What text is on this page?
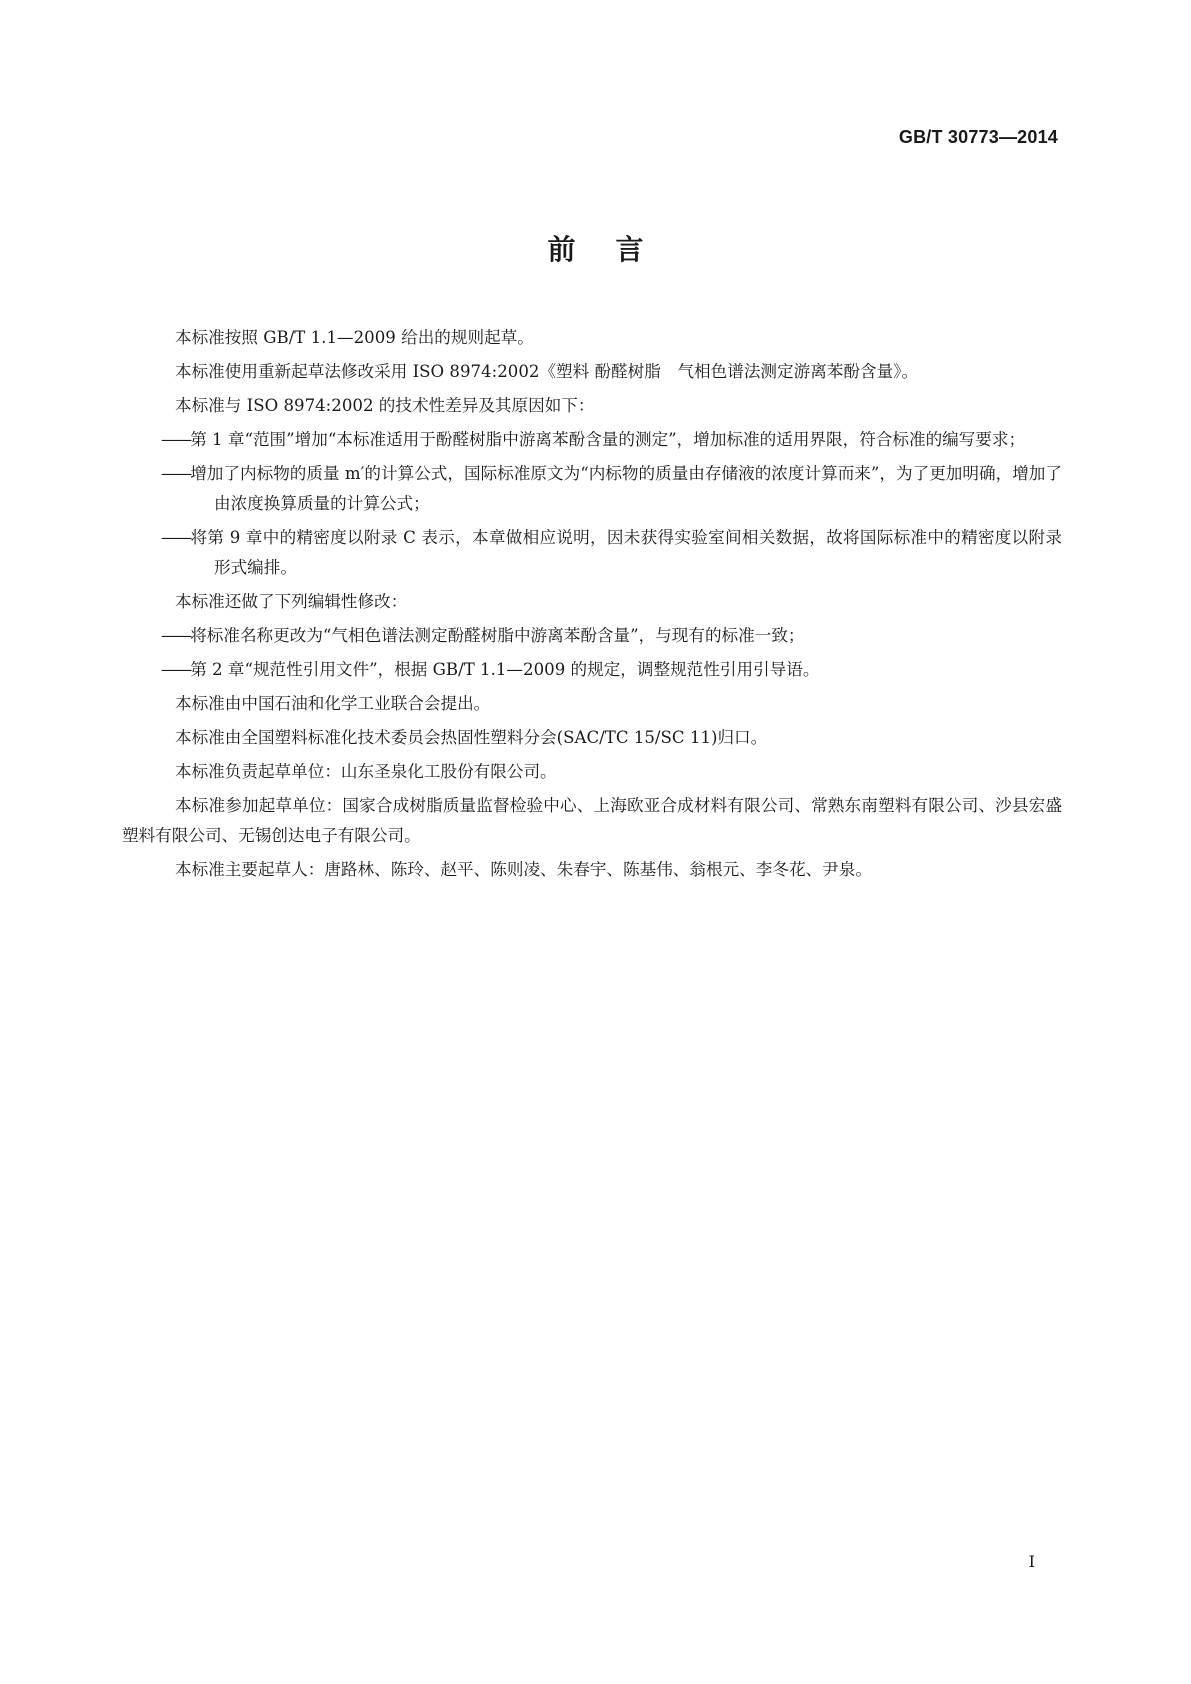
GB/T 30773—2014
前言

本标准按照 GB/T 1.1—2009 给出的规则起草。

本标准使用重新起草法修改采用 ISO 8974:2002《塑料 酚醛树脂　气相色谱法测定游离苯酚含量》。

本标准与 ISO 8974:2002 的技术性差异及其原因如下：

——第 1 章“范围”增加“本标准适用于酚醛树脂中游离苯酚含量的测定”，增加标准的适用界限，符合标准的编写要求；

——增加了内标物的质量 m′的计算公式，国际标准原文为“内标物的质量由存储液的浓度计算而来”，为了更加明确，增加了由浓度换算质量的计算公式；

——将第 9 章中的精密度以附录 C 表示，本章做相应说明，因未获得实验室间相关数据，故将国际标准中的精密度以附录形式编排。

本标准还做了下列编辑性修改：

——将标准名称更改为“气相色谱法测定酚醛树脂中游离苯酚含量”，与现有的标准一致；

——第 2 章“规范性引用文件”，根据 GB/T 1.1—2009 的规定，调整规范性引用引导语。

本标准由中国石油和化学工业联合会提出。

本标准由全国塑料标准化技术委员会热固性塑料分会(SAC/TC 15/SC 11)归口。

本标准负责起草单位：山东圣泉化工股份有限公司。

本标准参加起草单位：国家合成树脂质量监督检验中心、上海欧亚合成材料有限公司、常熟东南塑料有限公司、沙县宏盛塑料有限公司、无锡创达电子有限公司。

本标准主要起草人：唐路林、陈玲、赵平、陈则凌、朱春宇、陈基伟、翁根元、李冬花、尹泉。

I
